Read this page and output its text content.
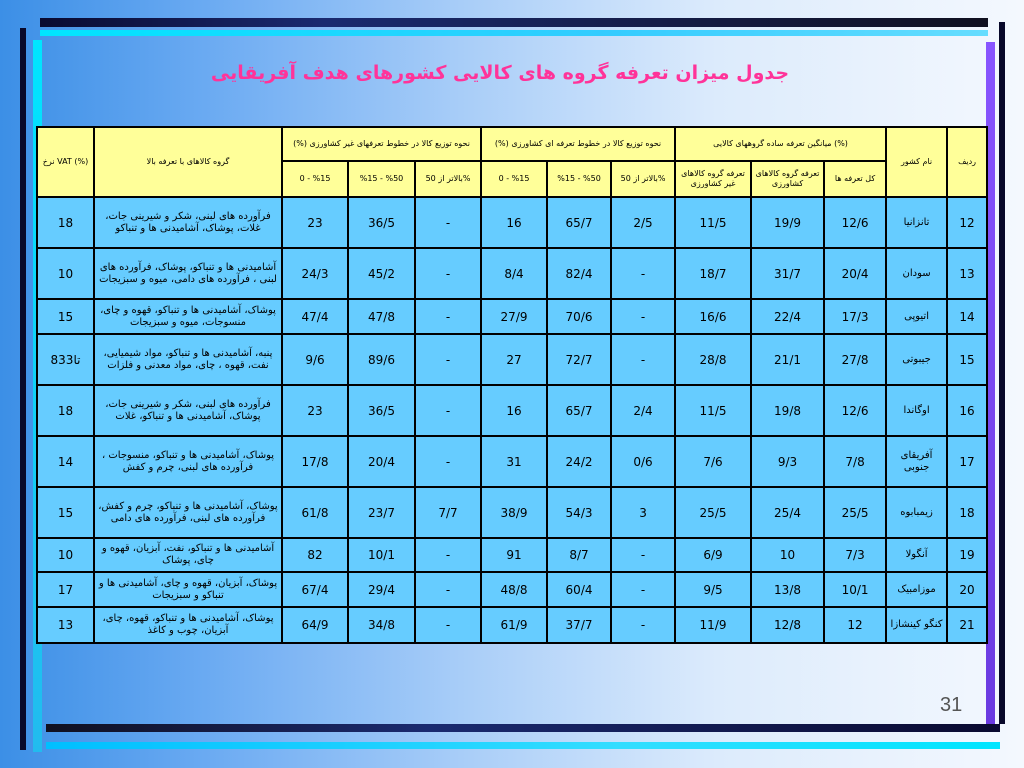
جدول میزان تعرفه گروه های کالایی کشورهای هدف آفریقایی
نرخ VAT (%)	گروه کالاهای با تعرفه بالا	(%) نحوه توزیع کالا در خطوط تعرفهای غیر کشاورزی			(%) نحوه توزیع کالا در خطوط تعرفه ای کشاورزی			میانگین تعرفه ساده گروههای کالایی (%)			نام کشور	ردیف
		0 - %15	%15 - %50	بالاتر از 50%	0 - %15	%15 - %50	بالاتر از 50%	تعرفه گروه کالاهای غیر کشاورزی	تعرفه گروه کالاهای کشاورزی	کل تعرفه ها		
18	فرآورده های لبنی، شکر و شیرینی جات، غلات، پوشاک، آشامیدنی ها و تنباکو	23	36/5	-	16	65/7	2/5	11/5	19/9	12/6	تانزانیا	12
10	آشامیدنی ها و تنباکو، پوشاک، فرآورده های لبنی ، فرآورده های دامی، میوه و سبزیجات	24/3	45/2	-	8/4	82/4	-	18/7	31/7	20/4	سودان	13
15	پوشاک، آشامیدنی ها و تنباکو، قهوه و چای، منسوجات، میوه و سبزیجات	47/4	47/8	-	27/9	70/6	-	16/6	22/4	17/3	اتیوپی	14
8تا33	پنبه، آشامیدنی ها و تنباکو، مواد شیمیایی، نفت، قهوه ، چای، مواد معدنی و فلزات	9/6	89/6	-	27	72/7	-	28/8	21/1	27/8	جیبوتی	15
18	فرآورده های لبنی، شکر و شیرینی جات، پوشاک، آشامیدنی ها و تنباکو، غلات	23	36/5	-	16	65/7	2/4	11/5	19/8	12/6	اوگاندا	16
14	پوشاک، آشامیدنی ها و تنباکو، منسوجات ، فرآورده های لبنی، چرم و کفش	17/8	20/4	-	31	24/2	0/6	7/6	9/3	7/8	آفریقای جنوبی	17
15	پوشاک، آشامیدنی ها و تنباکو، چرم و کفش، فرآورده های لبنی، فرآورده های دامی	61/8	23/7	7/7	38/9	54/3	3	25/5	25/4	25/5	زیمبابوه	18
10	آشامیدنی ها و تنباکو، نفت، آبزیان، قهوه و چای، پوشاک	82	10/1	-	91	8/7	-	6/9	10	7/3	آنگولا	19
17	پوشاک، آبزیان، قهوه و چای، آشامیدنی ها و تنباکو و سبزیجات	67/4	29/4	-	48/8	60/4	-	9/5	13/8	10/1	موزامبیک	20
13	پوشاک، آشامیدنی ها و تنباکو، قهوه، چای، آبزیان، چوب و کاغذ	64/9	34/8	-	61/9	37/7	-	11/9	12/8	12	کنگو کینشازا	21
31
